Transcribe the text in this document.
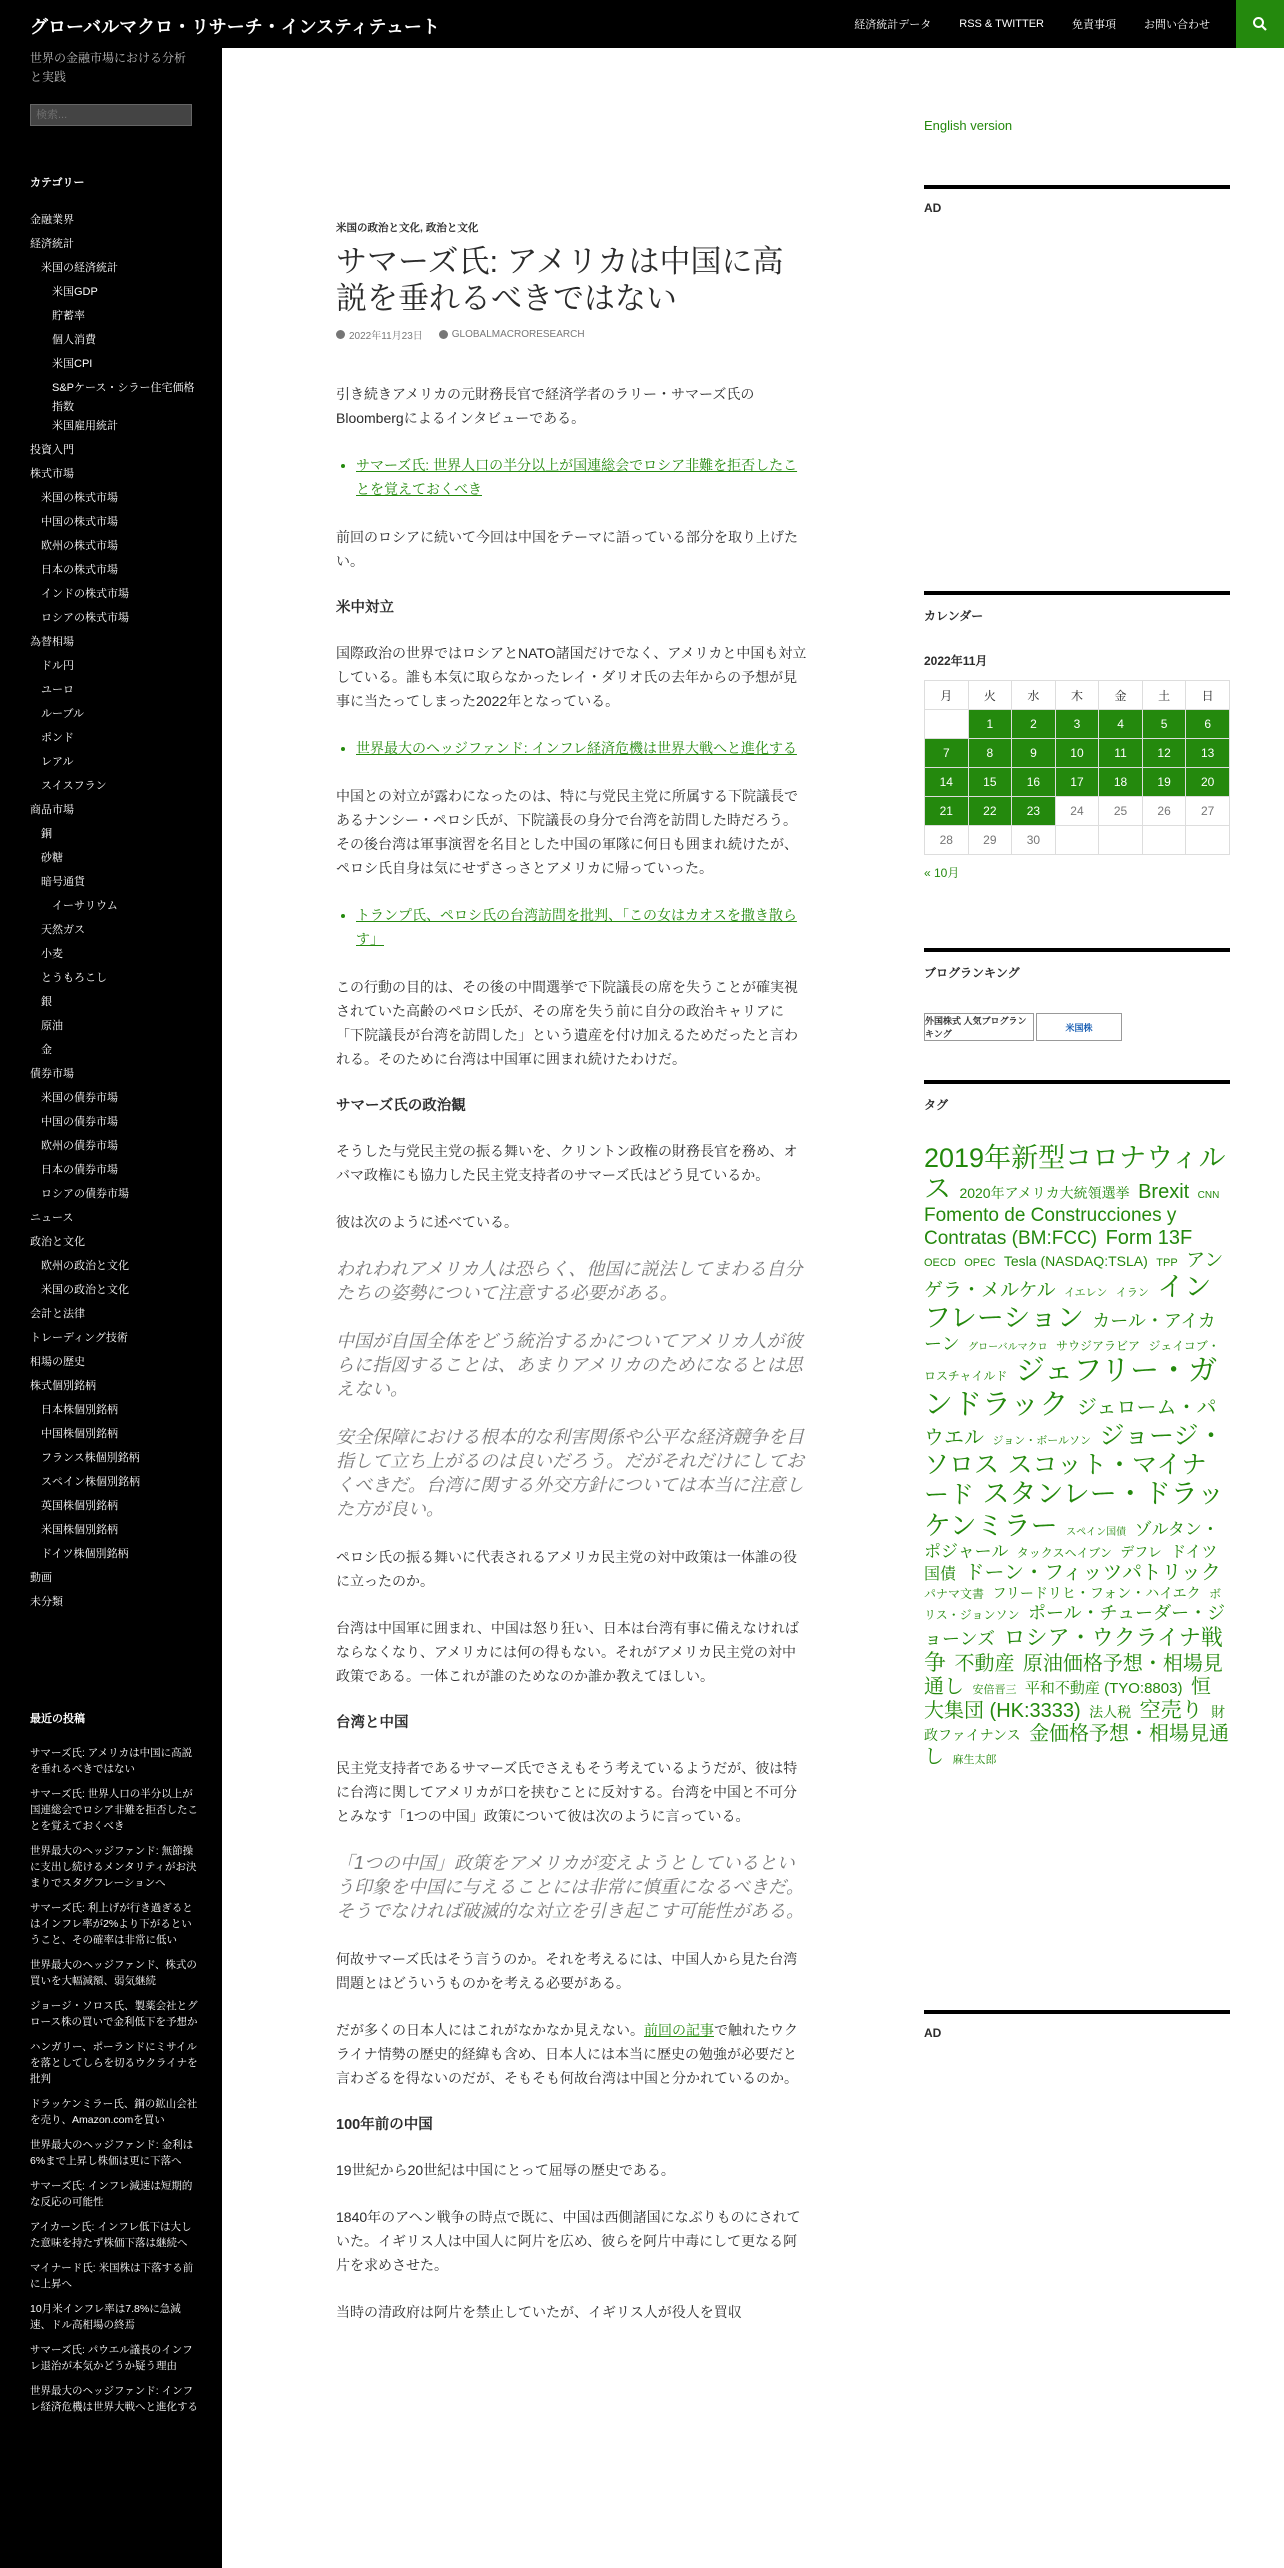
グローバルマクロ・リサーチ・インスティテュート	経済統計データ	RSS & TWITTER	免責事項	お問い合わせ
世界の金融市場における分析と実践
検索...
カテゴリー
金融業界
経済統計
米国の経済統計
米国GDP
貯蓄率
個人消費
米国CPI
S&Pケース・シラー住宅価格指数
米国雇用統計
投資入門
株式市場
米国の株式市場
中国の株式市場
欧州の株式市場
日本の株式市場
インドの株式市場
ロシアの株式市場
為替相場
ドル円
ユーロ
ルーブル
ポンド
レアル
スイスフラン
商品市場
銅
砂糖
暗号通貨
イーサリウム
天然ガス
小麦
とうもろこし
銀
原油
金
債券市場
米国の債券市場
中国の債券市場
欧州の債券市場
日本の債券市場
ロシアの債券市場
ニュース
政治と文化
欧州の政治と文化
米国の政治と文化
会計と法律
トレーディング技術
相場の歴史
株式個別銘柄
日本株個別銘柄
中国株個別銘柄
フランス株個別銘柄
スペイン株個別銘柄
英国株個別銘柄
米国株個別銘柄
ドイツ株個別銘柄
動画
未分類
最近の投稿
サマーズ氏: アメリカは中国に高説を垂れるべきではない
サマーズ氏: 世界人口の半分以上が国連総会でロシア非難を拒否したことを覚えておくべき
世界最大のヘッジファンド: 無節操に支出し続けるメンタリティがお決まりでスタグフレーションへ
サマーズ氏: 利上げが行き過ぎるとはインフレ率が2%より下がるということ、その確率は非常に低い
世界最大のヘッジファンド、株式の買いを大幅減額、弱気継続
ジョージ・ソロス氏、製薬会社とグロース株の買いで金利低下を予想か
ハンガリー、ポーランドにミサイルを落としてしらを切るウクライナを批判
ドラッケンミラー氏、銅の鉱山会社を売り、Amazon.comを買い
世界最大のヘッジファンド: 金利は6%まで上昇し株価は更に下落へ
サマーズ氏: インフレ減速は短期的な反応の可能性
アイカーン氏: インフレ低下は大した意味を持たず株価下落は継続へ
マイナード氏: 米国株は下落する前に上昇へ
10月米インフレ率は7.8%に急減速、ドル高相場の終焉
サマーズ氏: パウエル議長のインフレ退治が本気かどうか疑う理由
世界最大のヘッジファンド: インフレ経済危機は世界大戦へと進化する
米国の政治と文化, 政治と文化
サマーズ氏: アメリカは中国に高説を垂れるべきではない
2022年11月23日	GLOBALMACRORESEARCH

引き続きアメリカの元財務長官で経済学者のラリー・サマーズ氏のBloombergによるインタビューである。

• サマーズ氏: 世界人口の半分以上が国連総会でロシア非難を拒否したことを覚えておくべき

前回のロシアに続いて今回は中国をテーマに語っている部分を取り上げたい。

米中対立

国際政治の世界ではロシアとNATO諸国だけでなく、アメリカと中国も対立している。誰も本気に取らなかったレイ・ダリオ氏の去年からの予想が見事に当たってしまった2022年となっている。

• 世界最大のヘッジファンド: インフレ経済危機は世界大戦へと進化する

中国との対立が露わになったのは、特に与党民主党に所属する下院議長であるナンシー・ペロシ氏が、下院議長の身分で台湾を訪問した時だろう。その後台湾は軍事演習を名目とした中国の軍隊に何日も囲まれ続けたが、ペロシ氏自身は気にせずさっさとアメリカに帰っていった。

• トランプ氏、ペロシ氏の台湾訪問を批判、「この女はカオスを撒き散らす」

この行動の目的は、その後の中間選挙で下院議長の席を失うことが確実視されていた高齢のペロシ氏が、その席を失う前に自分の政治キャリアに「下院議長が台湾を訪問した」という遺産を付け加えるためだったと言われる。そのために台湾は中国軍に囲まれ続けたわけだ。

サマーズ氏の政治観

そうした与党民主党の振る舞いを、クリントン政権の財務長官を務め、オバマ政権にも協力した民主党支持者のサマーズ氏はどう見ているか。

彼は次のように述べている。

われわれアメリカ人は恐らく、他国に説法してまわる自分たちの姿勢について注意する必要がある。
中国が自国全体をどう統治するかについてアメリカ人が彼らに指図することは、あまりアメリカのためになるとは思えない。
安全保障における根本的な利害関係や公平な経済競争を目指して立ち上がるのは良いだろう。だがそれだけにしておくべきだ。台湾に関する外交方針については本当に注意した方が良い。

ペロシ氏の振る舞いに代表されるアメリカ民主党の対中政策は一体誰の役に立ったのか。

台湾は中国軍に囲まれ、中国は怒り狂い、日本は台湾有事に備えなければならなくなり、アメリカには何の得もない。それがアメリカ民主党の対中政策である。一体これが誰のためなのか誰か教えてほしい。

台湾と中国

民主党支持者であるサマーズ氏でさえもそう考えているようだが、彼は特に台湾に関してアメリカが口を挟むことに反対する。台湾を中国と不可分とみなす「1つの中国」政策について彼は次のように言っている。

「1つの中国」政策をアメリカが変えようとしているという印象を中国に与えることには非常に慎重になるべきだ。そうでなければ破滅的な対立を引き起こす可能性がある。

何故サマーズ氏はそう言うのか。それを考えるには、中国人から見た台湾問題とはどういうものかを考える必要がある。

だが多くの日本人にはこれがなかなか見えない。前回の記事で触れたウクライナ情勢の歴史的経緯も含め、日本人には本当に歴史の勉強が必要だと言わざるを得ないのだが、そもそも何故台湾は中国と分かれているのか。

100年前の中国

19世紀から20世紀は中国にとって屈辱の歴史である。

1840年のアヘン戦争の時点で既に、中国は西側諸国になぶりものにされていた。イギリス人は中国人に阿片を広め、彼らを阿片中毒にして更なる阿片を求めさせた。

当時の清政府は阿片を禁止していたが、イギリス人が役人を買収

English version
AD
カレンダー
2022年11月
月	火	水	木	金	土	日
	1	2	3	4	5	6
7	8	9	10	11	12	13
14	15	16	17	18	19	20
21	22	23	24	25	26	27
28	29	30				
« 10月
ブログランキング
外国株式 人気ブログランキング
米国株
タグ
2019年新型コロナウィルス 2020年アメリカ大統領選挙 Brexit CNN Fomento de Construcciones y Contratas (BM:FCC) Form 13F OECD OPEC Tesla (NASDAQ:TSLA) TPP アンゲラ・メルケル イエレン イラン インフレーション カール・アイカーン グローバルマクロ サウジアラビア ジェイコブ・ロスチャイルド ジェフリー・ガンドラック ジェローム・パウエル ジョン・ボールソン ジョージ・ソロス スコット・マイナード スタンレー・ドラッケンミラー スペイン国債 ゾルタン・ポジャール タックスヘイブン デフレ ドイツ国債 ドーン・フィッツパトリック パナマ文書 フリードリヒ・フォン・ハイエク ボリス・ジョンソン ポール・チューダー・ジョーンズ ロシア・ウクライナ戦争 不動産 原油価格予想・相場見通し 安倍晋三 平和不動産 (TYO:8803) 恒大集団 (HK:3333) 法人税 空売り 財政ファイナンス 金価格予想・相場見通し 麻生太郎
AD
